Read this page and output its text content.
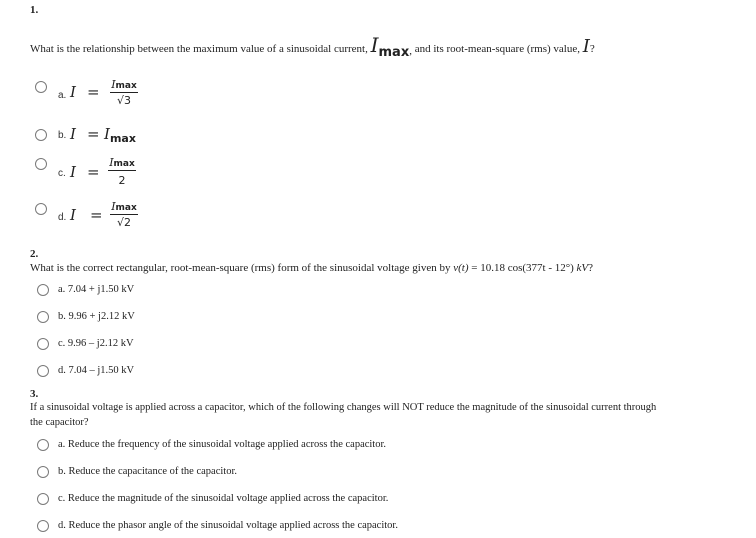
1.
What is the relationship between the maximum value of a sinusoidal current, Imax, and its root-mean-square (rms) value, I?
a. I = Imax
√3
b. I = Imax
c. I =
Imax
2
d. I = Imax
√2
2.
What is the correct rectangular, root-mean-square (rms) form of the sinusoidal voltage given by v(t) = 10.18 cos(377t - 12°) kV?
a. 7.04 + j1.50 kV
b. 9.96 + j2.12 kV
c. 9.96 – j2.12 kV
d. 7.04 – j1.50 kV
3.
If a sinusoidal voltage is applied across a capacitor, which of the following changes will NOT reduce the magnitude of the sinusoidal current through
the capacitor?
a. Reduce the frequency of the sinusoidal voltage applied across the capacitor.
b. Reduce the capacitance of the capacitor.
c. Reduce the magnitude of the sinusoidal voltage applied across the capacitor.
d. Reduce the phasor angle of the sinusoidal voltage applied across the capacitor.
